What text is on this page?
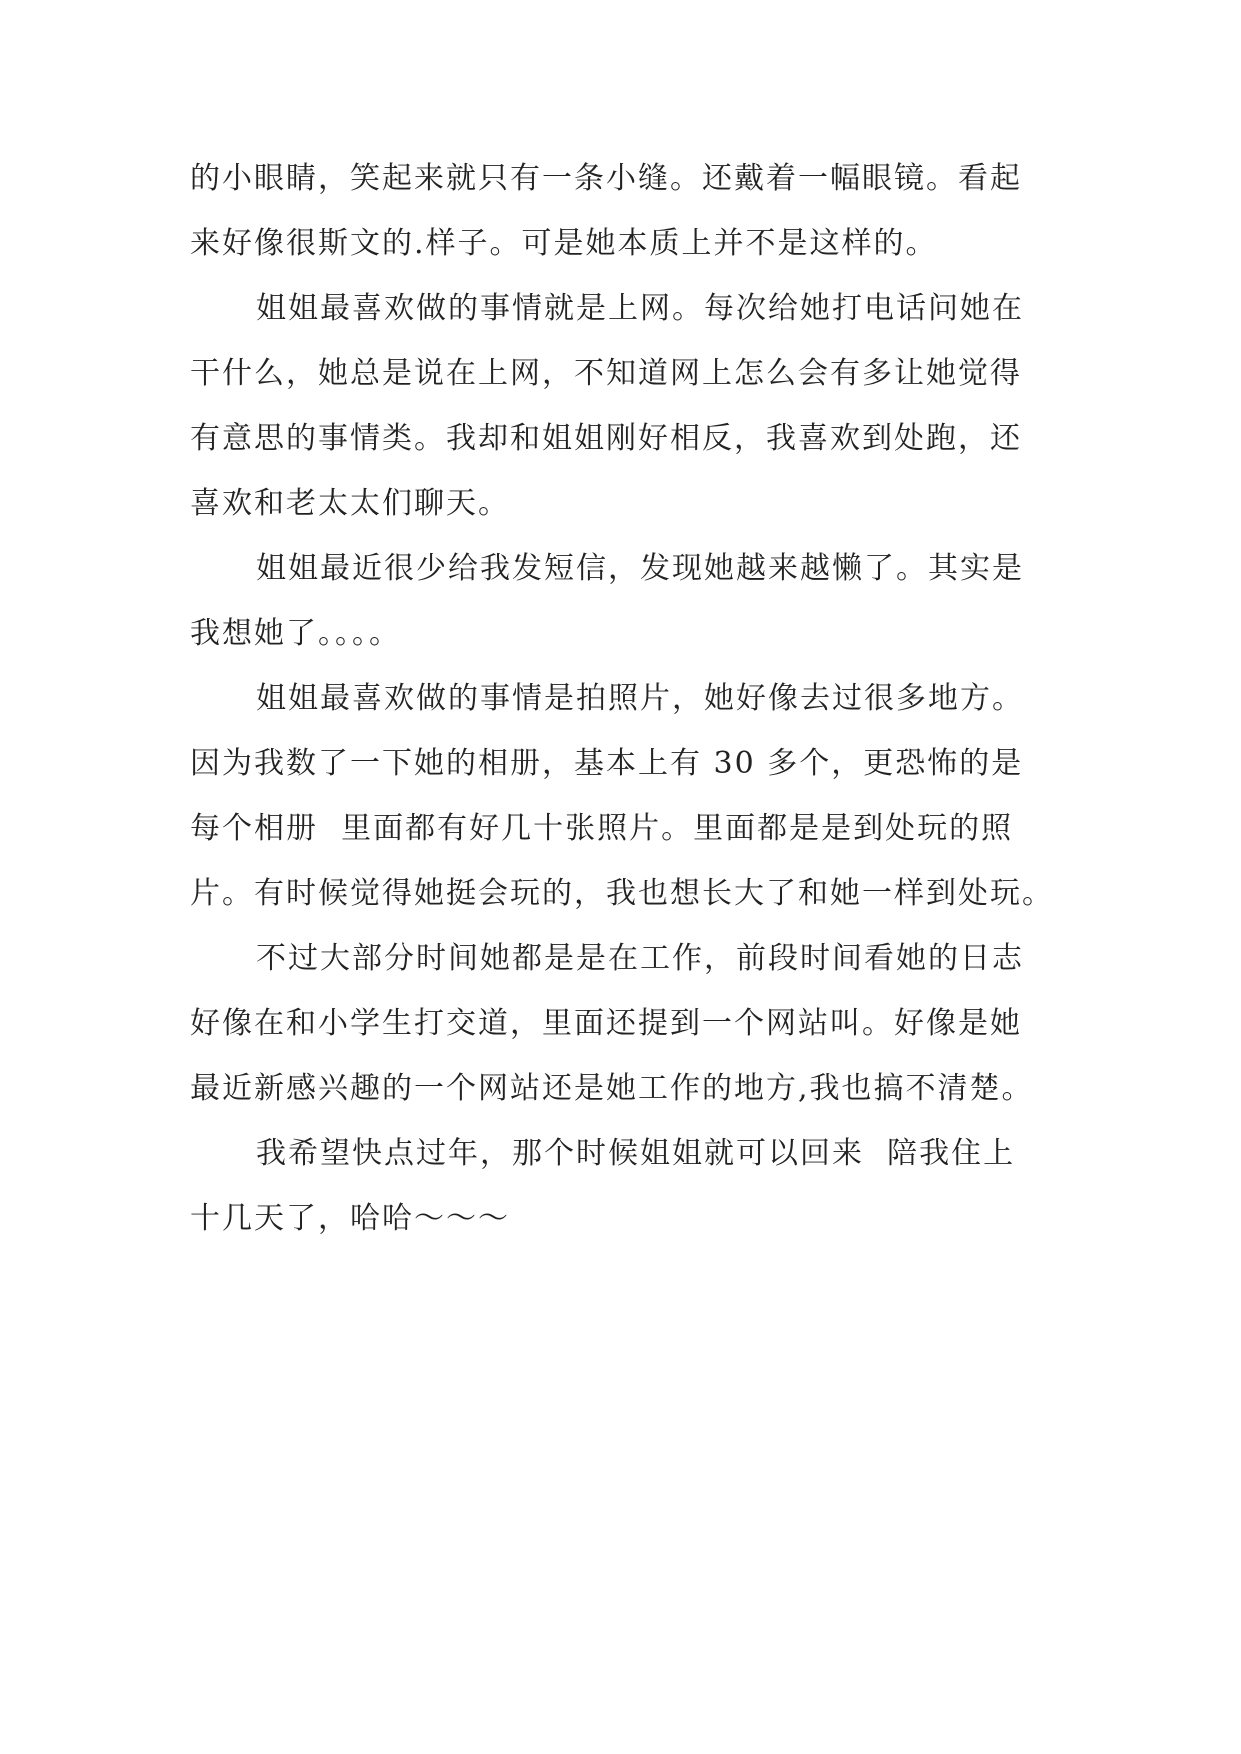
的小眼睛，笑起来就只有一条小缝。还戴着一幅眼镜。看起
来好像很斯文的.样子。可是她本质上并不是这样的。
姐姐最喜欢做的事情就是上网。每次给她打电话问她在
干什么，她总是说在上网，不知道网上怎么会有多让她觉得
有意思的事情类。我却和姐姐刚好相反，我喜欢到处跑，还
喜欢和老太太们聊天。
姐姐最近很少给我发短信，发现她越来越懒了。其实是
我想她了。。。。
姐姐最喜欢做的事情是拍照片，她好像去过很多地方。
因为我数了一下她的相册，基本上有 30 多个，更恐怖的是
每个相册  里面都有好几十张照片。里面都是是到处玩的照
片。有时候觉得她挺会玩的，我也想长大了和她一样到处玩。
不过大部分时间她都是是在工作，前段时间看她的日志
好像在和小学生打交道，里面还提到一个网站叫。好像是她
最近新感兴趣的一个网站还是她工作的地方,我也搞不清楚。
我希望快点过年，那个时候姐姐就可以回来  陪我住上
十几天了，哈哈～～～
